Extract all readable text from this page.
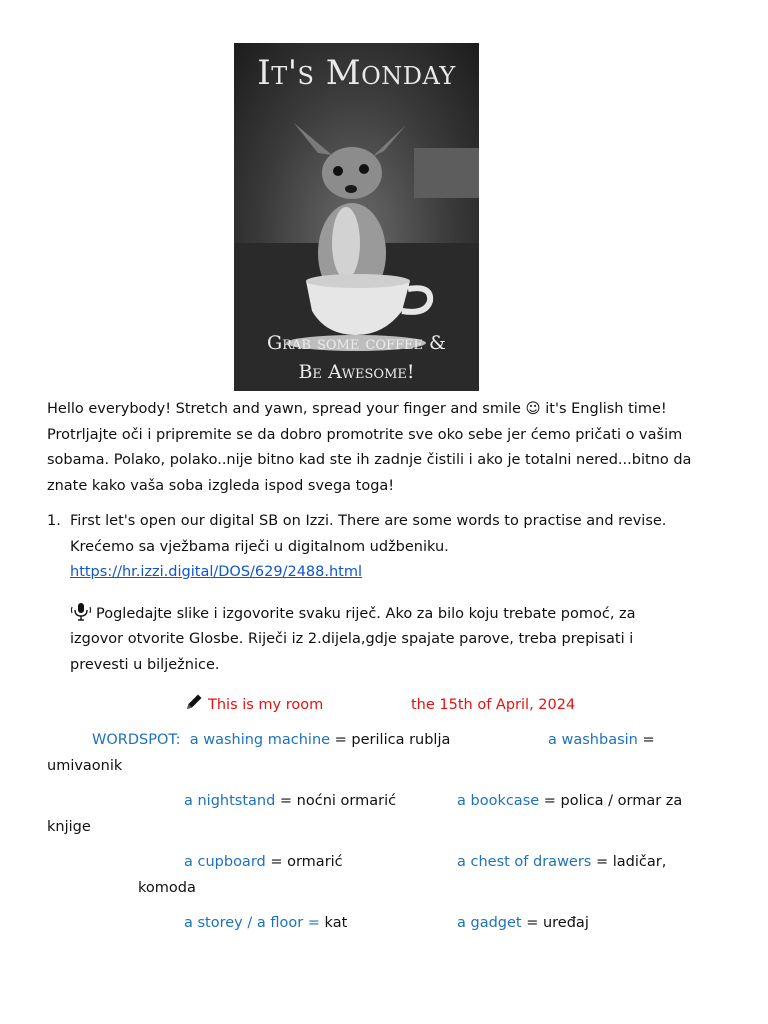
It's Monday
Grab some coffee &
Be Awesome!

Hello everybody! Stretch and yawn, spread your finger and smile ☺ it's English time! Protrljajte oči i pripremite se da dobro promotrite sve oko sebe jer ćemo pričati o vašim sobama. Polako, polako..nije bitno kad ste ih zadnje čistili i ako je totalni nered...bitno da znate kako vaša soba izgleda ispod svega toga!

1. First let's open our digital SB on Izzi. There are some words to practise and revise.
Krećemo sa vježbama riječi u digitalnom udžbeniku.
https://hr.izzi.digital/DOS/629/2488.html
Pogledajte slike i izgovorite svaku riječ. Ako za bilo koju trebate pomoć, za
izgovor otvorite Glosbe. Riječi iz 2.dijela,gdje spajate parove, treba prepisati i
prevesti u bilježnice.
This is my room	the 15th of April, 2024
WORDSPOT: a washing machine = perilica rublja	a washbasin =
umivaonik
a nightstand = noćni ormarić	a bookcase = polica / ormar za
knjige
a cupboard = ormarić	a chest of drawers = ladičar,
komoda
a storey / a floor = kat	a gadget = uređaj
